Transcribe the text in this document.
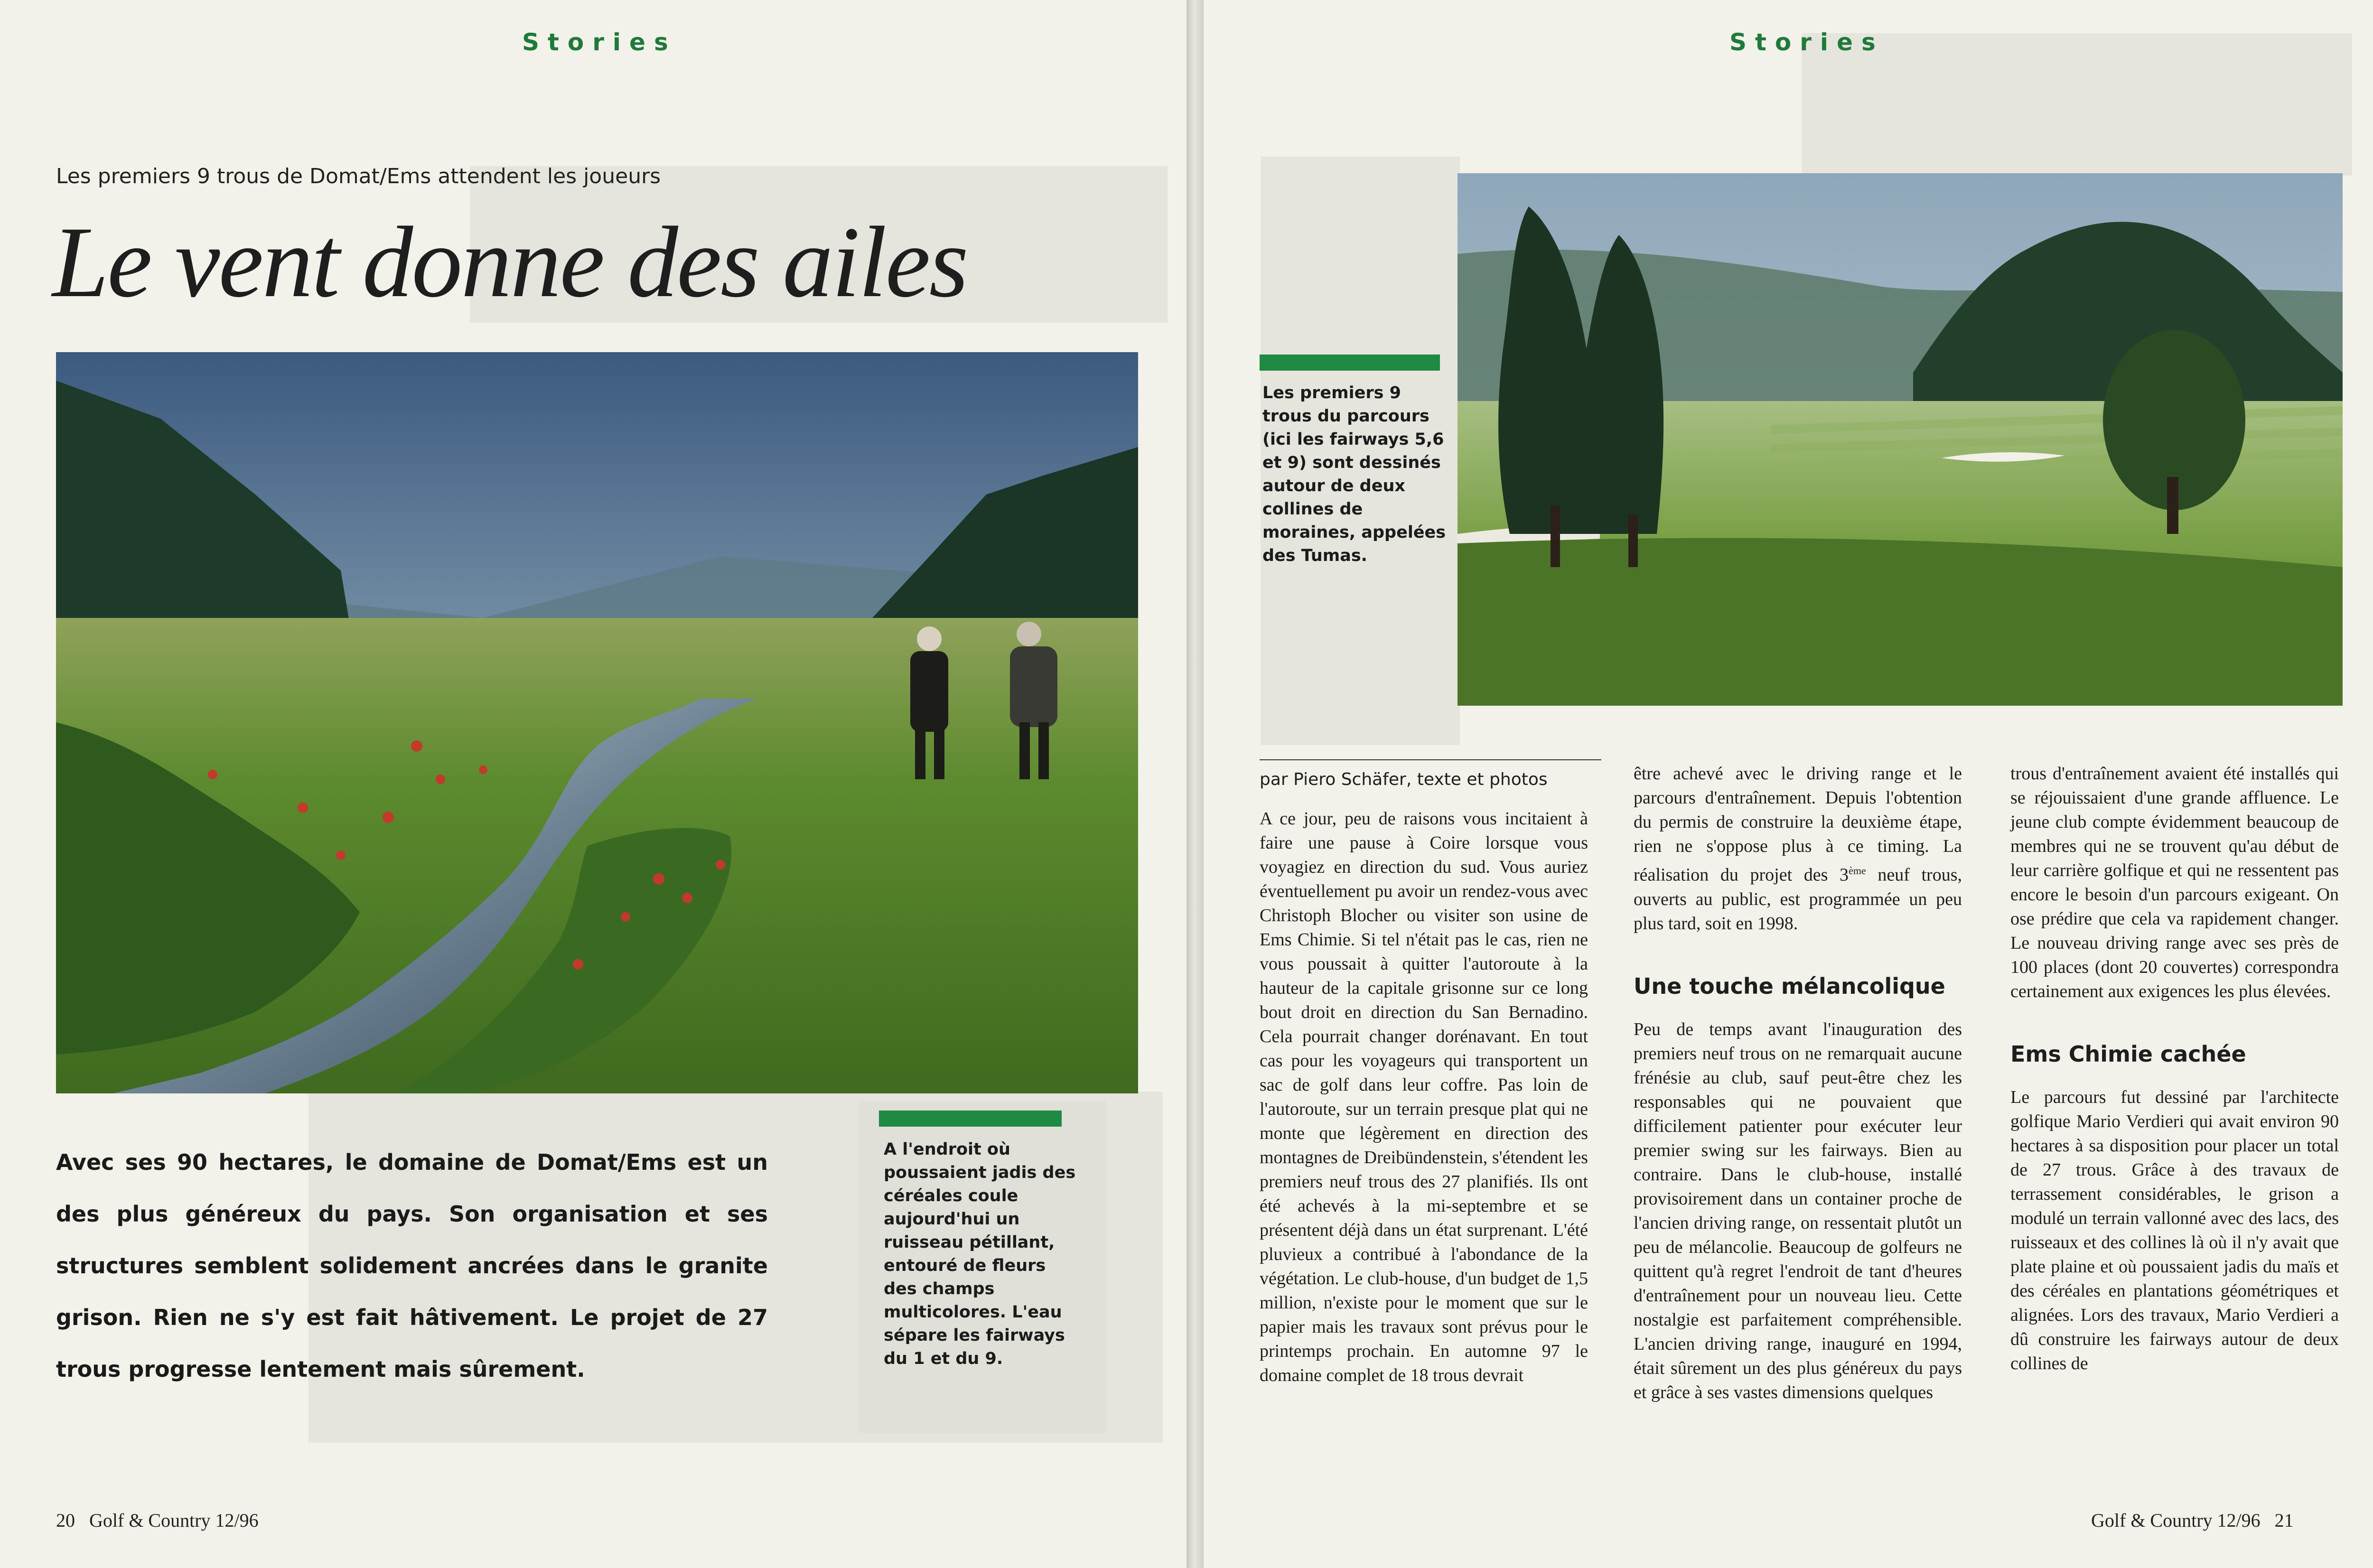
Stories
Les premiers 9 trous de Domat/Ems attendent les joueurs
Le vent donne des ailes
A l'endroit où poussaient jadis des céréales coule aujourd'hui un ruisseau pétillant, entouré de fleurs des champs multicolores. L'eau sépare les fairways du 1 et du 9.
Avec ses 90 hectares, le domaine de Domat/Ems est un des plus généreux du pays. Son organisation et ses structures semblent solidement ancrées dans le granite grison. Rien ne s'y est fait hâtivement. Le projet de 27 trous progresse lentement mais sûrement.
20 Golf & Country 12/96
Stories
Les premiers 9 trous du parcours (ici les fairways 5,6 et 9) sont dessinés autour de deux collines de moraines, appelées des Tumas.
par Piero Schäfer, texte et photos

A ce jour, peu de raisons vous incitaient à faire une pause à Coire lorsque vous voyagiez en direction du sud. Vous auriez éventuellement pu avoir un rendez-vous avec Christoph Blocher ou visiter son usine de Ems Chimie. Si tel n'était pas le cas, rien ne vous poussait à quitter l'autoroute à la hauteur de la capitale grisonne sur ce long bout droit en direction du San Bernadino. Cela pourrait changer dorénavant. En tout cas pour les voyageurs qui transportent un sac de golf dans leur coffre. Pas loin de l'autoroute, sur un terrain presque plat qui ne monte que légèrement en direction des montagnes de Dreibündenstein, s'étendent les premiers neuf trous des 27 planifiés. Ils ont été achevés à la mi-septembre et se présentent déjà dans un état surprenant. L'été pluvieux a contribué à l'abondance de la végétation. Le club-house, d'un budget de 1,5 million, n'existe pour le moment que sur le papier mais les travaux sont prévus pour le printemps prochain. En automne 97 le domaine complet de 18 trous devrait

être achevé avec le driving range et le parcours d'entraînement. Depuis l'obtention du permis de construire la deuxième étape, rien ne s'oppose plus à ce timing. La réalisation du projet des 3ème neuf trous, ouverts au public, est programmée un peu plus tard, soit en 1998.

Une touche mélancolique

Peu de temps avant l'inauguration des premiers neuf trous on ne remarquait aucune frénésie au club, sauf peut-être chez les responsables qui ne pouvaient que difficilement patienter pour exécuter leur premier swing sur les fairways. Bien au contraire. Dans le club-house, installé provisoirement dans un container proche de l'ancien driving range, on ressentait plutôt un peu de mélancolie. Beaucoup de golfeurs ne quittent qu'à regret l'endroit de tant d'heures d'entraînement pour un nouveau lieu. Cette nostalgie est parfaitement compréhensible. L'ancien driving range, inauguré en 1994, était sûrement un des plus généreux du pays et grâce à ses vastes dimensions quelques

trous d'entraînement avaient été installés qui se réjouissaient d'une grande affluence. Le jeune club compte évidemment beaucoup de membres qui ne se trouvent qu'au début de leur carrière golfique et qui ne ressentent pas encore le besoin d'un parcours exigeant. On ose prédire que cela va rapidement changer. Le nouveau driving range avec ses près de 100 places (dont 20 couvertes) correspondra certainement aux exigences les plus élevées.

Ems Chimie cachée

Le parcours fut dessiné par l'architecte golfique Mario Verdieri qui avait environ 90 hectares à sa disposition pour placer un total de 27 trous. Grâce à des travaux de terrassement considérables, le grison a modulé un terrain vallonné avec des lacs, des ruisseaux et des collines là où il n'y avait que plate plaine et où poussaient jadis du maïs et des céréales en plantations géométriques et alignées. Lors des travaux, Mario Verdieri a dû construire les fairways autour de deux collines de

Golf & Country 12/96 21
